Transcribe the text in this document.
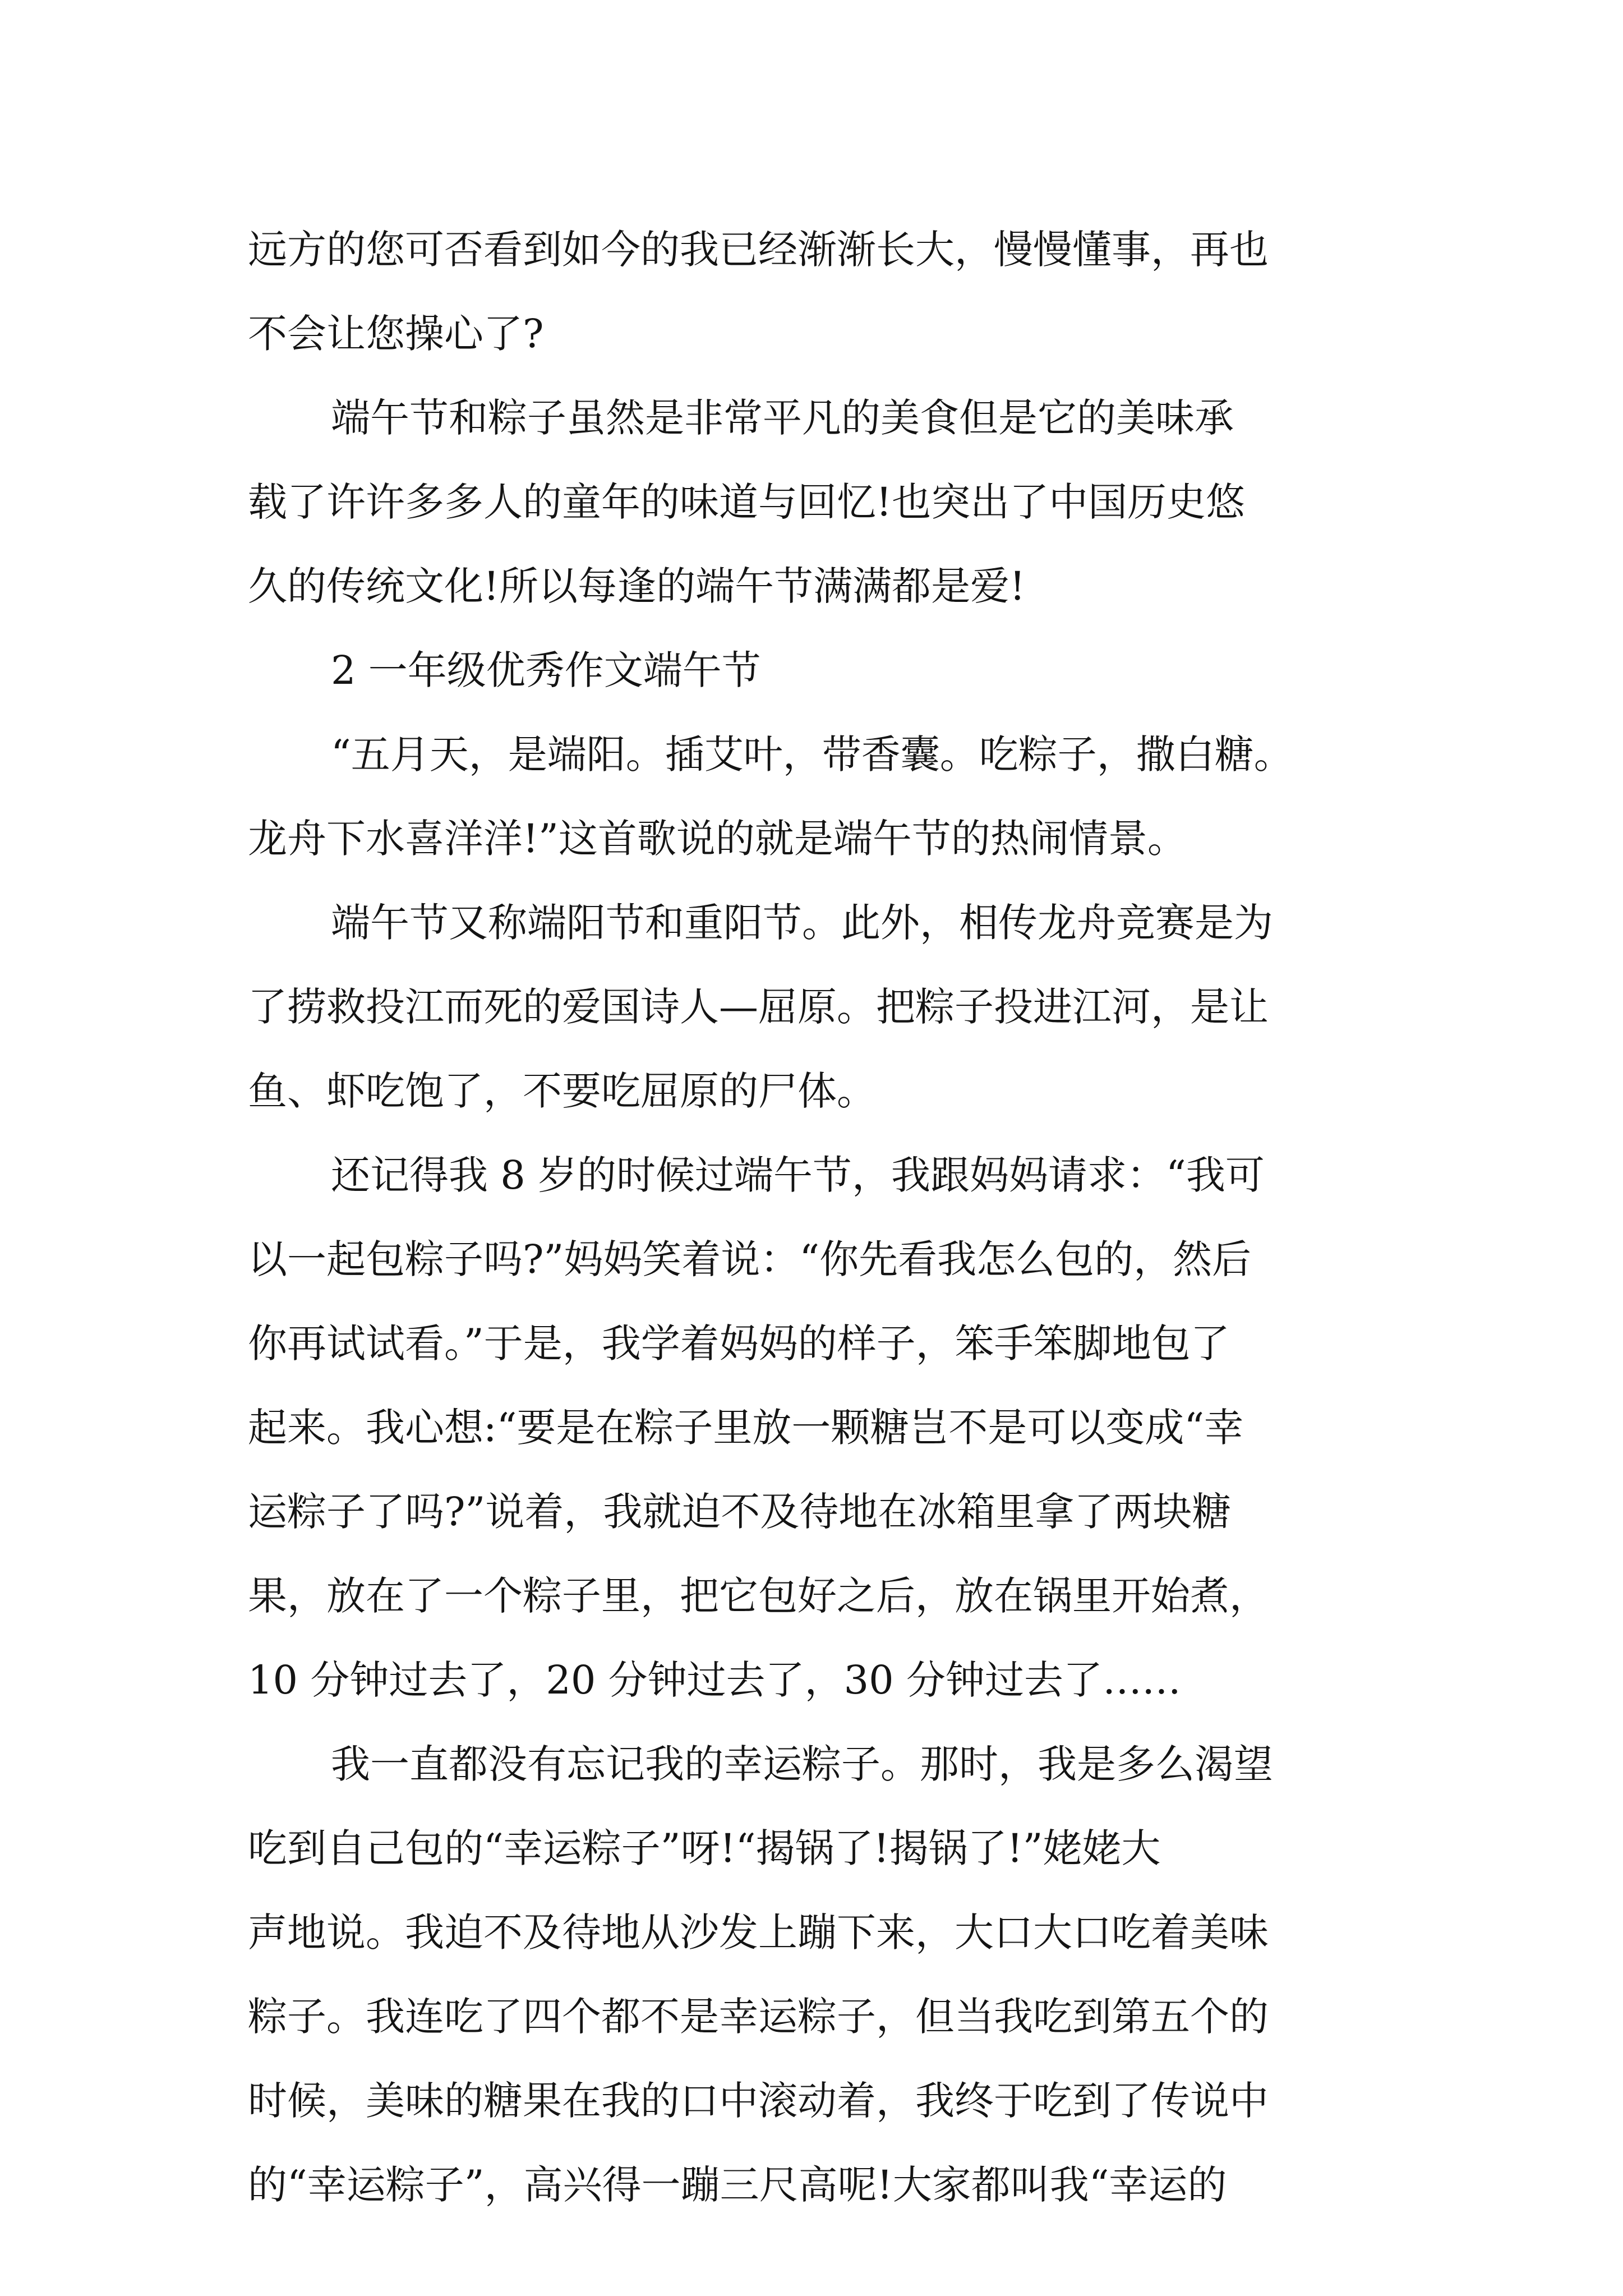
远方的您可否看到如今的我已经渐渐长大，慢慢懂事，再也
不会让您操心了?
端午节和粽子虽然是非常平凡的美食但是它的美味承
载了许许多多人的童年的味道与回忆!也突出了中国历史悠
久的传统文化!所以每逢的端午节满满都是爱!
2 一年级优秀作文端午节
“五月天，是端阳。插艾叶，带香囊。吃粽子，撒白糖。
龙舟下水喜洋洋!”这首歌说的就是端午节的热闹情景。
端午节又称端阳节和重阳节。此外，相传龙舟竞赛是为
了捞救投江而死的爱国诗人—屈原。把粽子投进江河，是让
鱼、虾吃饱了，不要吃屈原的尸体。
还记得我 8 岁的时候过端午节，我跟妈妈请求：“我可
以一起包粽子吗?”妈妈笑着说：“你先看我怎么包的，然后
你再试试看。”于是，我学着妈妈的样子，笨手笨脚地包了
起来。我心想:“要是在粽子里放一颗糖岂不是可以变成“幸
运粽子了吗?”说着，我就迫不及待地在冰箱里拿了两块糖
果，放在了一个粽子里，把它包好之后，放在锅里开始煮，
10 分钟过去了，20 分钟过去了，30 分钟过去了……
我一直都没有忘记我的幸运粽子。那时，我是多么渴望
吃到自己包的“幸运粽子”呀!“揭锅了!揭锅了!”姥姥大
声地说。我迫不及待地从沙发上蹦下来，大口大口吃着美味
粽子。我连吃了四个都不是幸运粽子，但当我吃到第五个的
时候，美味的糖果在我的口中滚动着，我终于吃到了传说中
的“幸运粽子”，高兴得一蹦三尺高呢!大家都叫我“幸运的
